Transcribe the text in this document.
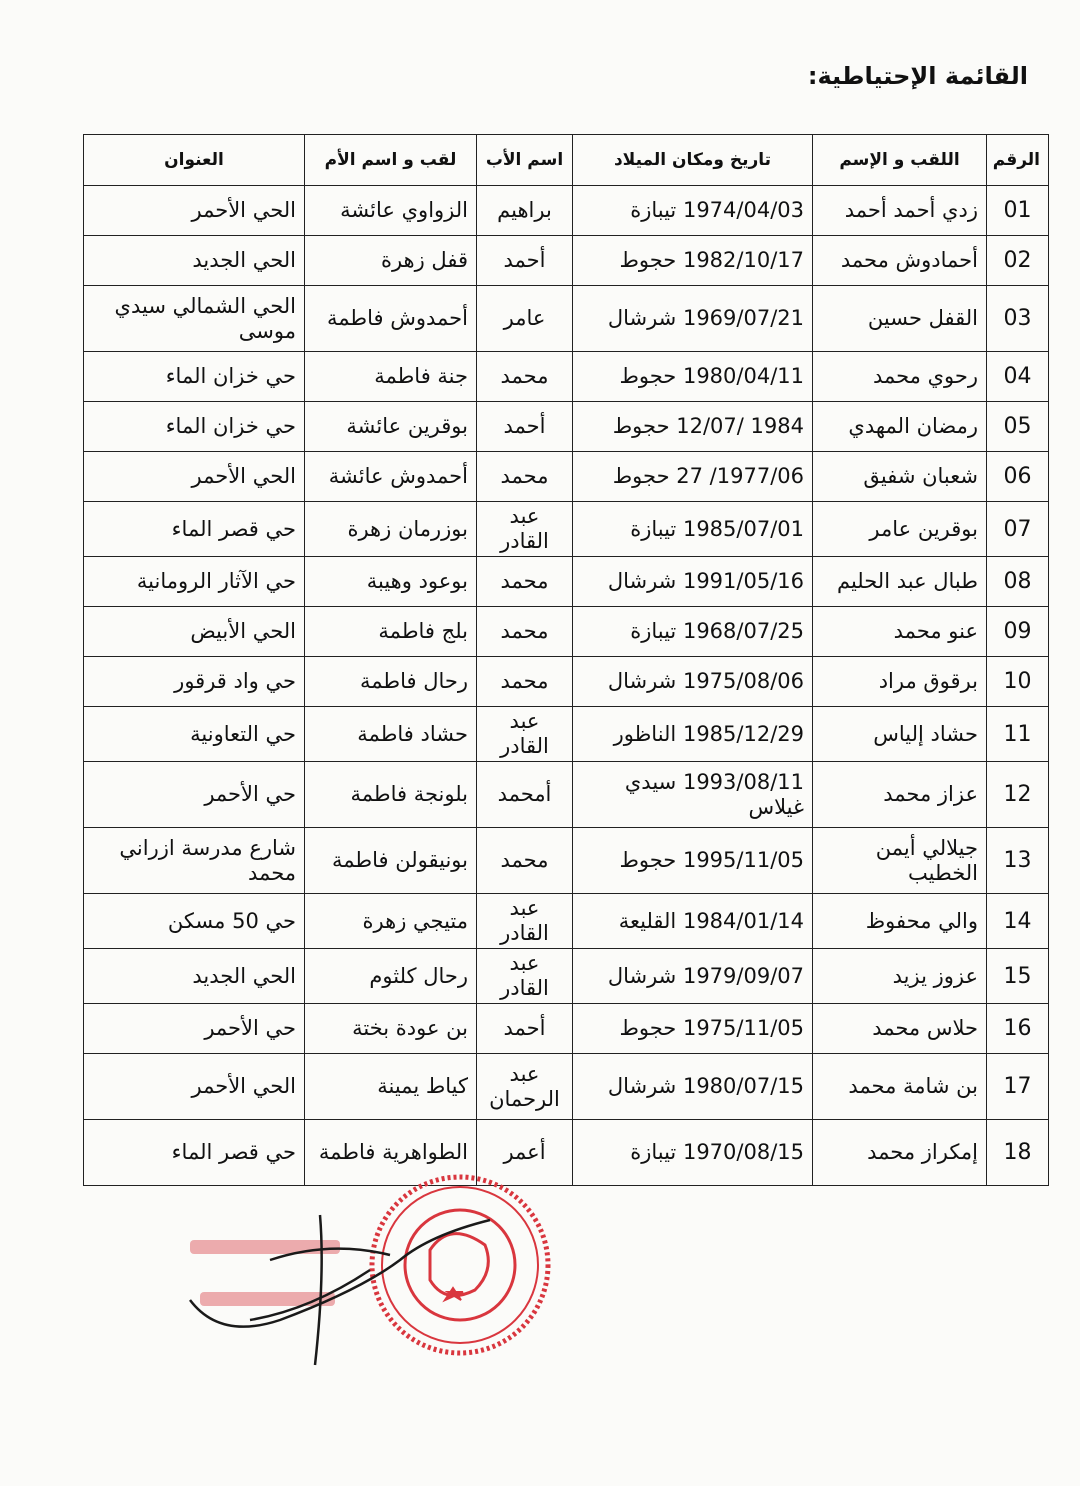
القائمة الإحتياطية:
الرقم	اللقب و الإسم	تاريخ ومكان الميلاد	اسم الأب	لقب و اسم الأم	العنوان
01	زدي أحمد أحمد	1974/04/03 تيبازة	براهيم	الزواوي عائشة	الحي الأحمر
02	أحمادوش محمد	1982/10/17 حجوط	أحمد	قفل زهرة	الحي الجديد
03	القفل حسين	1969/07/21 شرشال	عامر	أحمدوش فاطمة	الحي الشمالي سيدي موسى
04	رحوي محمد	1980/04/11 حجوط	محمد	جنة فاطمة	حي خزان الماء
05	رمضان المهدي	1984 /12/07 حجوط	أحمد	بوقرين عائشة	حي خزان الماء
06	شعبان شفيق	1977/06/ 27 حجوط	محمد	أحمدوش عائشة	الحي الأحمر
07	بوقرين عامر	1985/07/01 تيبازة	عبد القادر	بوزرمان زهرة	حي قصر الماء
08	طبال عبد الحليم	1991/05/16 شرشال	محمد	بوعود وهيبة	حي الآثار الرومانية
09	عنو محمد	1968/07/25 تيبازة	محمد	بلج فاطمة	الحي الأبيض
10	برقوق مراد	1975/08/06 شرشال	محمد	رحال فاطمة	حي واد قرقور
11	حشاد إلياس	1985/12/29 الناظور	عبد القادر	حشاد فاطمة	حي التعاونية
12	عزاز محمد	1993/08/11 سيدي غيلاس	أمحمد	بلونجة فاطمة	حي الأحمر
13	جيلالي أيمن الخطيب	1995/11/05 حجوط	محمد	بونيقولن فاطمة	شارع مدرسة ازراني محمد
14	والي محفوظ	1984/01/14 القليعة	عبد القادر	متيجي زهرة	حي 50 مسكن
15	عزوز يزيد	1979/09/07 شرشال	عبد القادر	رحال كلثوم	الحي الجديد
16	حلاس محمد	1975/11/05 حجوط	أحمد	بن عودة بختة	حي الأحمر
17	بن شامة محمد	1980/07/15 شرشال	عبد الرحمان	كياط يمينة	الحي الأحمر
18	إمكراز محمد	1970/08/15 تيبازة	أعمر	الطواهرية فاطمة	حي قصر الماء
